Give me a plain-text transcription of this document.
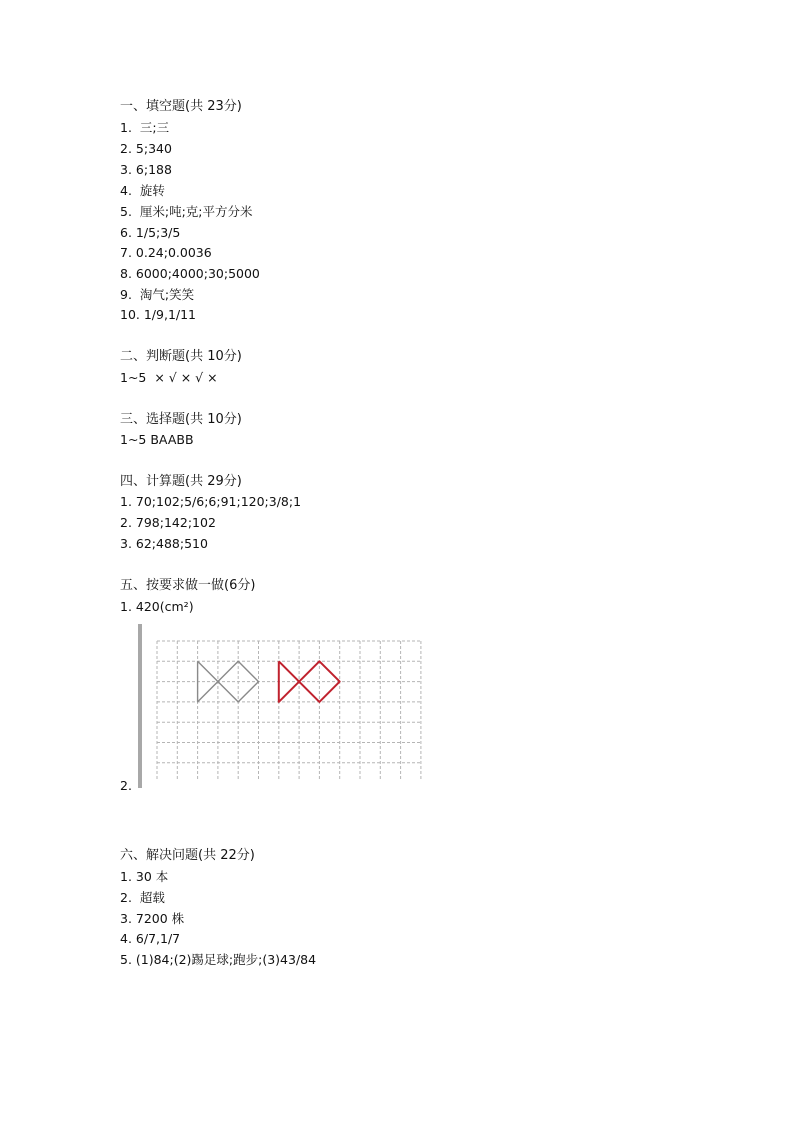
一、填空题(共 23分)
1.  三;三
2. 5;340
3. 6;188
4.  旋转
5.  厘米;吨;克;平方分米
6. 1/5;3/5
7. 0.24;0.0036
8. 6000;4000;30;5000
9.  淘气;笑笑
10. 1/9,1/11
二、判断题(共 10分)
1~5  × √ × √ ×
三、选择题(共 10分)
1~5 BAABB
四、计算题(共 29分)
1. 70;102;5/6;6;91;120;3/8;1
2. 798;142;102
3. 62;488;510
五、按要求做一做(6分)
1. 420(cm²)
2.
六、解决问题(共 22分)
1. 30 本
2.  超载
3. 7200 株
4. 6/7,1/7
5. (1)84;(2)踢足球;跑步;(3)43/84
